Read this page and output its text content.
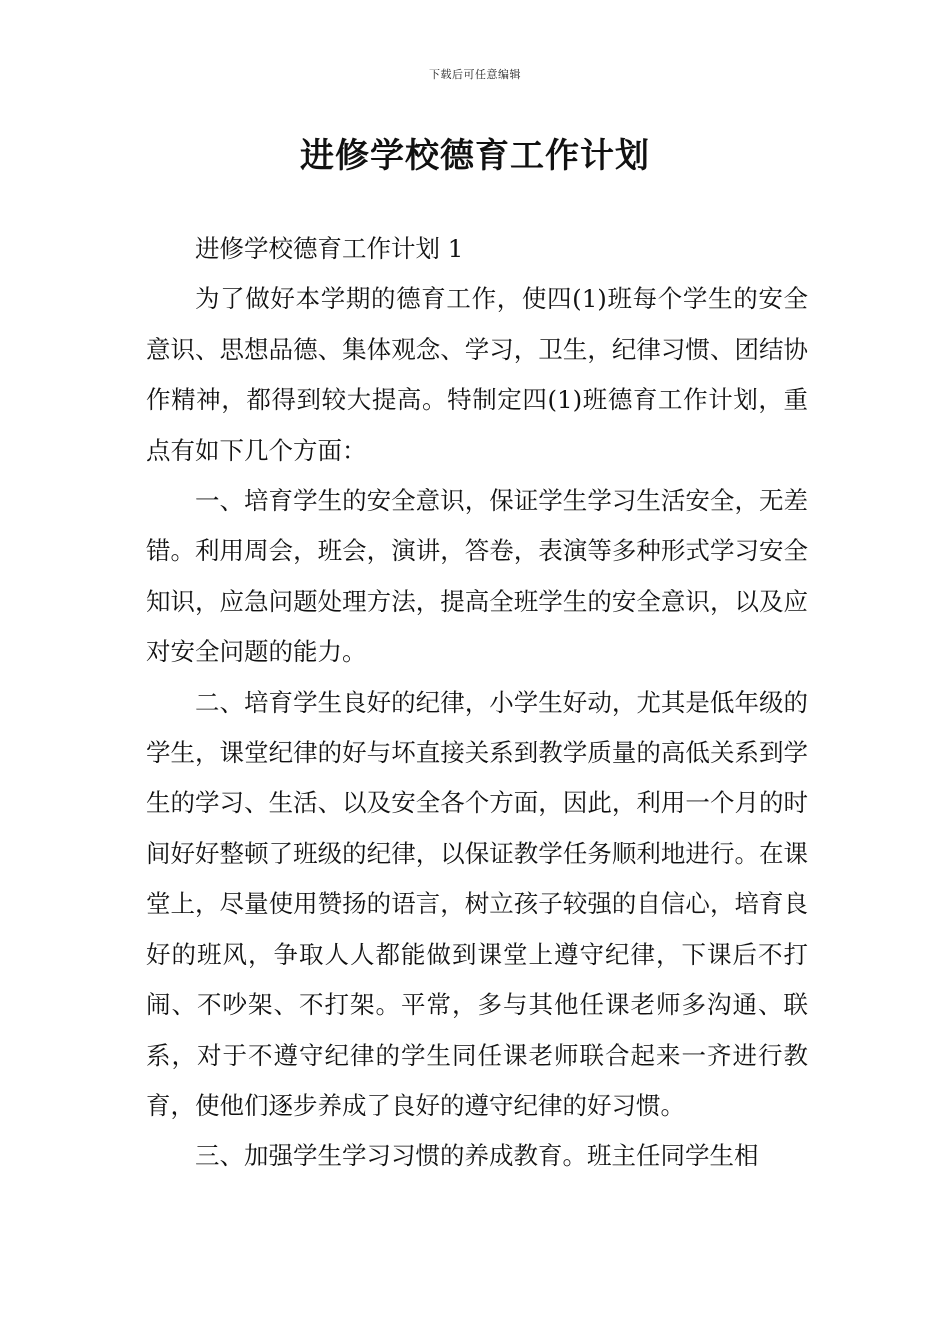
下载后可任意编辑
进修学校德育工作计划

进修学校德育工作计划 1

为了做好本学期的德育工作，使四(1)班每个学生的安全意识、思想品德、集体观念、学习，卫生，纪律习惯、团结协作精神，都得到较大提高。特制定四(1)班德育工作计划，重点有如下几个方面：

一、培育学生的安全意识，保证学生学习生活安全，无差错。利用周会，班会，演讲，答卷，表演等多种形式学习安全知识，应急问题处理方法，提高全班学生的安全意识，以及应对安全问题的能力。

二、培育学生良好的纪律，小学生好动，尤其是低年级的学生，课堂纪律的好与坏直接关系到教学质量的高低关系到学生的学习、生活、以及安全各个方面，因此，利用一个月的时间好好整顿了班级的纪律，以保证教学任务顺利地进行。在课堂上，尽量使用赞扬的语言，树立孩子较强的自信心，培育良好的班风，争取人人都能做到课堂上遵守纪律，下课后不打闹、不吵架、不打架。平常，多与其他任课老师多沟通、联系，对于不遵守纪律的学生同任课老师联合起来一齐进行教育，使他们逐步养成了良好的遵守纪律的好习惯。

三、加强学生学习习惯的养成教育。班主任同学生相
